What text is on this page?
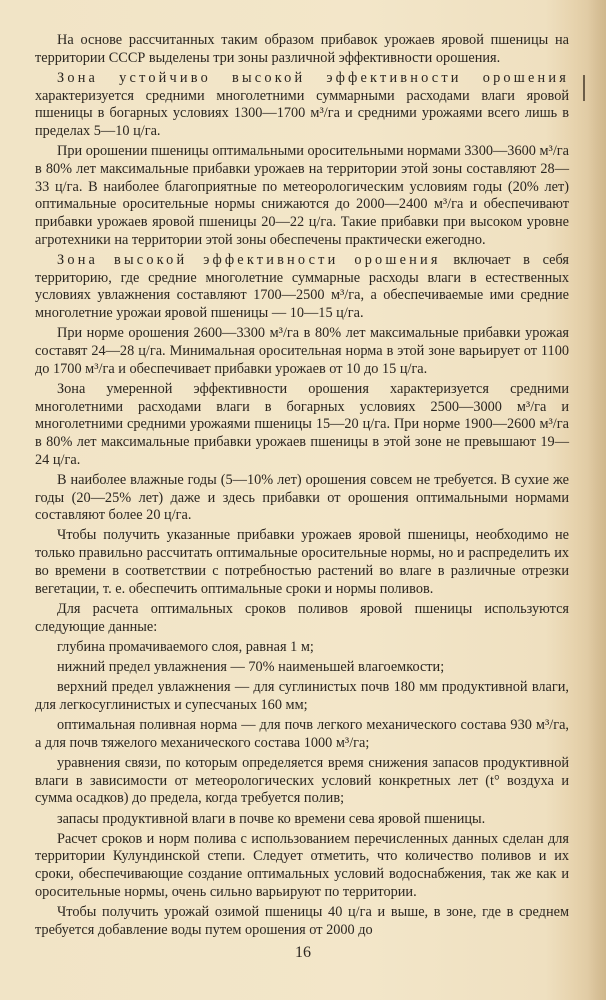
На основе рассчитанных таким образом прибавок урожаев яровой пшеницы на территории СССР выделены три зоны различной эффективности орошения.

Зона устойчиво высокой эффективности орошения характеризуется средними многолетними суммарными расходами влаги яровой пшеницы в богарных условиях 1300—1700 м³/га и средними урожаями всего лишь в пределах 5—10 ц/га.

При орошении пшеницы оптимальными оросительными нормами 3300—3600 м³/га в 80% лет максимальные прибавки урожаев на территории этой зоны составляют 28—33 ц/га. В наиболее благоприятные по метеорологическим условиям годы (20% лет) оптимальные оросительные нормы снижаются до 2000—2400 м³/га и обеспечивают прибавки урожаев яровой пшеницы 20—22 ц/га. Такие прибавки при высоком уровне агротехники на территории этой зоны обеспечены практически ежегодно.

Зона высокой эффективности орошения включает в себя территорию, где средние многолетние суммарные расходы влаги в естественных условиях увлажнения составляют 1700—2500 м³/га, а обеспечиваемые ими средние многолетние урожаи яровой пшеницы — 10—15 ц/га.

При норме орошения 2600—3300 м³/га в 80% лет максимальные прибавки урожая составят 24—28 ц/га. Минимальная оросительная норма в этой зоне варьирует от 1100 до 1700 м³/га и обеспечивает прибавки урожаев от 10 до 15 ц/га.

Зона умеренной эффективности орошения характеризуется средними многолетними расходами влаги в богарных условиях 2500—3000 м³/га и многолетними средними урожаями пшеницы 15—20 ц/га. При норме 1900—2600 м³/га в 80% лет максимальные прибавки урожаев пшеницы в этой зоне не превышают 19—24 ц/га.

В наиболее влажные годы (5—10% лет) орошения совсем не требуется. В сухие же годы (20—25% лет) даже и здесь прибавки от орошения оптимальными нормами составляют более 20 ц/га.

Чтобы получить указанные прибавки урожаев яровой пшеницы, необходимо не только правильно рассчитать оптимальные оросительные нормы, но и распределить их во времени в соответствии с потребностью растений во влаге в различные отрезки вегетации, т. е. обеспечить оптимальные сроки и нормы поливов.

Для расчета оптимальных сроков поливов яровой пшеницы используются следующие данные:

глубина промачиваемого слоя, равная 1 м;

нижний предел увлажнения — 70% наименьшей влагоемкости;

верхний предел увлажнения — для суглинистых почв 180 мм продуктивной влаги, для легкосуглинистых и супесчаных 160 мм;

оптимальная поливная норма — для почв легкого механического состава 930 м³/га, а для почв тяжелого механического состава 1000 м³/га;

уравнения связи, по которым определяется время снижения запасов продуктивной влаги в зависимости от метеорологических условий конкретных лет (t° воздуха и сумма осадков) до предела, когда требуется полив;

запасы продуктивной влаги в почве ко времени сева яровой пшеницы.

Расчет сроков и норм полива с использованием перечисленных данных сделан для территории Кулундинской степи. Следует отметить, что количество поливов и их сроки, обеспечивающие создание оптимальных условий водоснабжения, так же как и оросительные нормы, очень сильно варьируют по территории.

Чтобы получить урожай озимой пшеницы 40 ц/га и выше, в зоне, где в среднем требуется добавление воды путем орошения от 2000 до

16
